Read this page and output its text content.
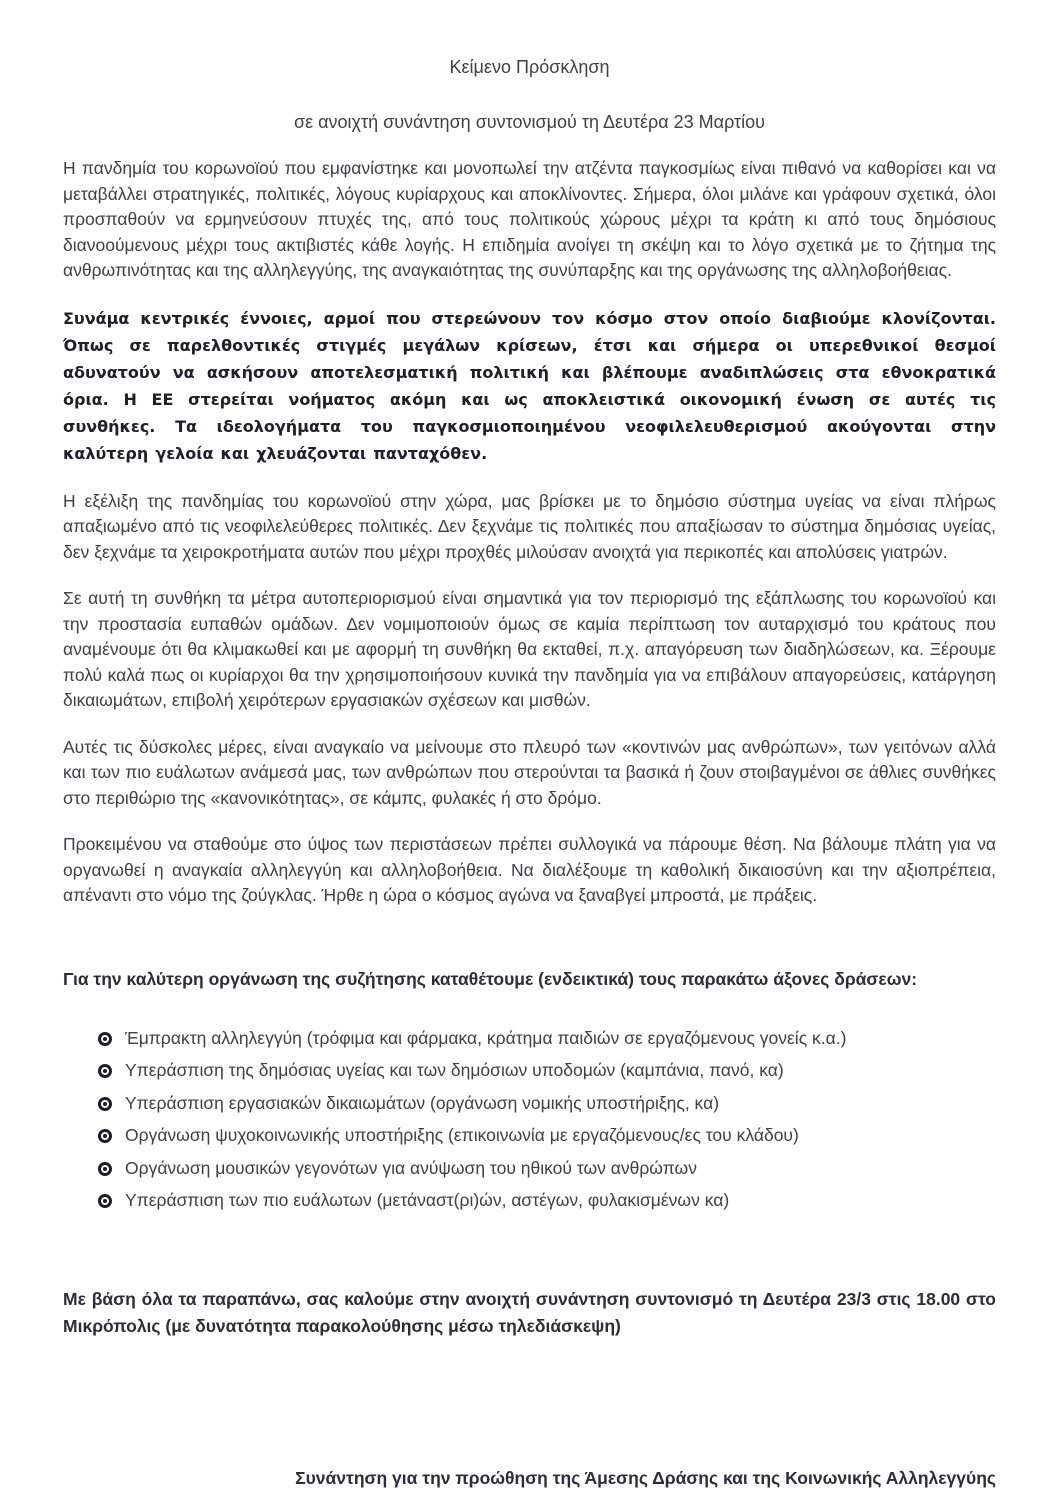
Κείμενο Πρόσκληση

σε ανοιχτή συνάντηση συντονισμού τη Δευτέρα 23 Μαρτίου

Η πανδημία του κορωνοϊού που εμφανίστηκε και μονοπωλεί την ατζέντα παγκοσμίως είναι πιθανό να καθορίσει και να μεταβάλλει στρατηγικές, πολιτικές, λόγους κυρίαρχους και αποκλίνοντες. Σήμερα, όλοι μιλάνε και γράφουν σχετικά, όλοι προσπαθούν να ερμηνεύσουν πτυχές της, από τους πολιτικούς χώρους μέχρι τα κράτη κι από τους δημόσιους διανοούμενους μέχρι τους ακτιβιστές κάθε λογής. Η επιδημία ανοίγει τη σκέψη και το λόγο σχετικά με το ζήτημα της ανθρωπινότητας και της αλληλεγγύης, της αναγκαιότητας της συνύπαρξης και της οργάνωσης της αλληλοβοήθειας.

Συνάμα κεντρικές έννοιες, αρμοί που στερεώνουν τον κόσμο στον οποίο διαβιούμε κλονίζονται. Όπως σε παρελθοντικές στιγμές μεγάλων κρίσεων, έτσι και σήμερα οι υπερεθνικοί θεσμοί αδυνατούν να ασκήσουν αποτελεσματική πολιτική και βλέπουμε αναδιπλώσεις στα εθνοκρατικά όρια. Η ΕΕ στερείται νοήματος ακόμη και ως αποκλειστικά οικονομική ένωση σε αυτές τις συνθήκες. Τα ιδεολογήματα του παγκοσμιοποιημένου νεοφιλελευθερισμού ακούγονται στην καλύτερη γελοία και χλευάζονται πανταχόθεν.

Η εξέλιξη της πανδημίας του κορωνοϊού στην χώρα, μας βρίσκει με το δημόσιο σύστημα υγείας να είναι πλήρως απαξιωμένο από τις νεοφιλελεύθερες πολιτικές. Δεν ξεχνάμε τις πολιτικές που απαξίωσαν το σύστημα δημόσιας υγείας, δεν ξεχνάμε τα χειροκροτήματα αυτών που μέχρι προχθές μιλούσαν ανοιχτά για περικοπές και απολύσεις γιατρών.

Σε αυτή τη συνθήκη τα μέτρα αυτοπεριορισμού είναι σημαντικά για τον περιορισμό της εξάπλωσης του κορωνοϊού και την προστασία ευπαθών ομάδων. Δεν νομιμοποιούν όμως σε καμία περίπτωση τον αυταρχισμό του κράτους που αναμένουμε ότι θα κλιμακωθεί και με αφορμή τη συνθήκη θα εκταθεί, π.χ. απαγόρευση των διαδηλώσεων, κα. Ξέρουμε πολύ καλά πως οι κυρίαρχοι θα την χρησιμοποιήσουν κυνικά την πανδημία για να επιβάλουν απαγορεύσεις, κατάργηση δικαιωμάτων, επιβολή χειρότερων εργασιακών σχέσεων και μισθών.

Αυτές τις δύσκολες μέρες, είναι αναγκαίο να μείνουμε στο πλευρό των «κοντινών μας ανθρώπων», των γειτόνων αλλά και των πιο ευάλωτων ανάμεσά μας, των ανθρώπων που στερούνται τα βασικά ή ζουν στοιβαγμένοι σε άθλιες συνθήκες στο περιθώριο της «κανονικότητας», σε κάμπς, φυλακές ή στο δρόμο.

Προκειμένου να σταθούμε στο ύψος των περιστάσεων πρέπει συλλογικά να πάρουμε θέση. Να βάλουμε πλάτη για να οργανωθεί η αναγκαία αλληλεγγύη και αλληλοβοήθεια. Να διαλέξουμε τη καθολική δικαιοσύνη και την αξιοπρέπεια, απέναντι στο νόμο της ζούγκλας. Ήρθε η ώρα ο κόσμος αγώνα να ξαναβγεί μπροστά, με πράξεις.

Για την καλύτερη οργάνωση της συζήτησης καταθέτουμε (ενδεικτικά) τους παρακάτω άξονες δράσεων:

Έμπρακτη αλληλεγγύη (τρόφιμα και φάρμακα, κράτημα παιδιών σε εργαζόμενους γονείς κ.α.)
Υπεράσπιση της δημόσιας υγείας και των δημόσιων υποδομών (καμπάνια, πανό, κα)
Υπεράσπιση εργασιακών δικαιωμάτων (οργάνωση νομικής υποστήριξης, κα)
Οργάνωση ψυχοκοινωνικής υποστήριξης (επικοινωνία με εργαζόμενους/ες του κλάδου)
Οργάνωση μουσικών γεγονότων για ανύψωση του ηθικού των ανθρώπων
Υπεράσπιση των πιο ευάλωτων (μετάναστ(ρι)ών, αστέγων, φυλακισμένων κα)

Με βάση όλα τα παραπάνω, σας καλούμε στην ανοιχτή συνάντηση συντονισμό τη Δευτέρα 23/3 στις 18.00 στο Μικρόπολις (με δυνατότητα παρακολούθησης μέσω τηλεδιάσκεψη)

Συνάντηση για την προώθηση της Άμεσης Δράσης και της Κοινωνικής Αλληλεγγύης
